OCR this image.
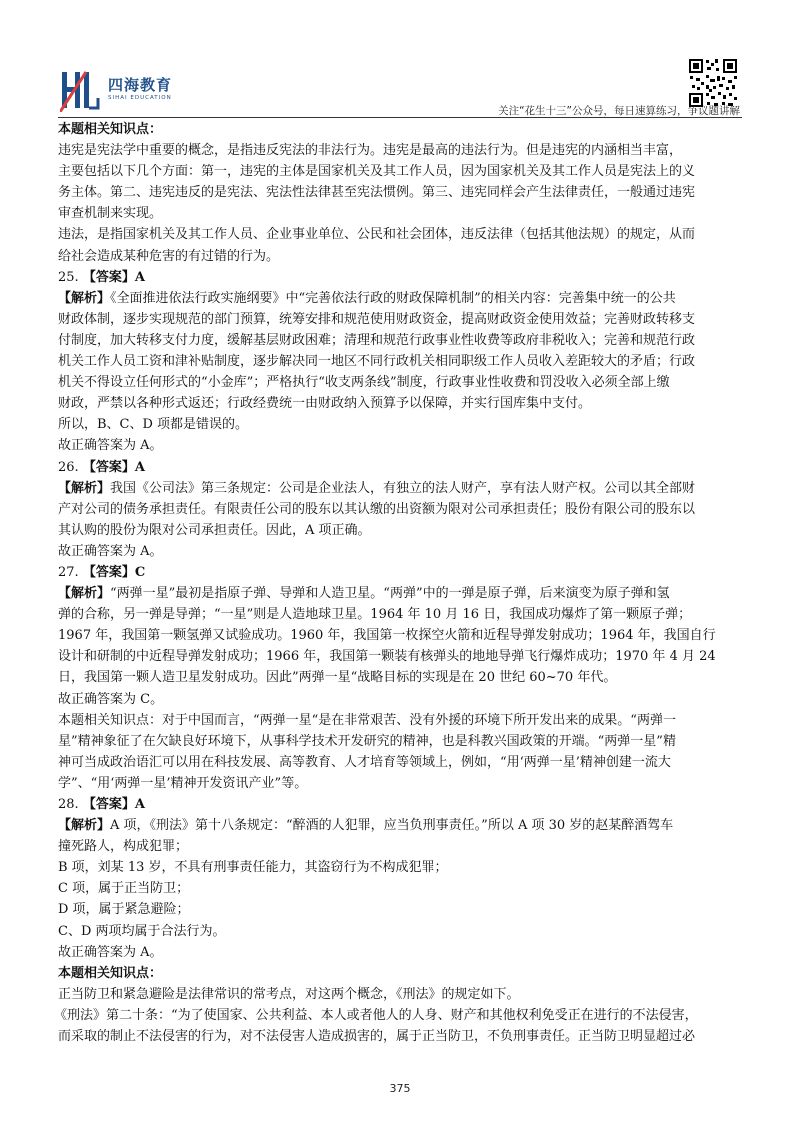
四海教育
SIHAI EDUCATION
关注“花生十三”公众号，每日速算练习，争议题讲解

本题相关知识点：

违宪是宪法学中重要的概念，是指违反宪法的非法行为。违宪是最高的违法行为。但是违宪的内涵相当丰富，

主要包括以下几个方面：第一，违宪的主体是国家机关及其工作人员，因为国家机关及其工作人员是宪法上的义

务主体。第二、违宪违反的是宪法、宪法性法律甚至宪法惯例。第三、违宪同样会产生法律责任，一般通过违宪

审查机制来实现。

违法，是指国家机关及其工作人员、企业事业单位、公民和社会团体，违反法律（包括其他法规）的规定，从而

给社会造成某种危害的有过错的行为。

25. 【答案】A

【解析】《全面推进依法行政实施纲要》中“完善依法行政的财政保障机制”的相关内容：完善集中统一的公共

财政体制，逐步实现规范的部门预算，统筹安排和规范使用财政资金，提高财政资金使用效益；完善财政转移支

付制度，加大转移支付力度，缓解基层财政困难；清理和规范行政事业性收费等政府非税收入；完善和规范行政

机关工作人员工资和津补贴制度，逐步解决同一地区不同行政机关相同职级工作人员收入差距较大的矛盾；行政

机关不得设立任何形式的“小金库”；严格执行“收支两条线”制度，行政事业性收费和罚没收入必须全部上缴

财政，严禁以各种形式返还；行政经费统一由财政纳入预算予以保障，并实行国库集中支付。

所以，B、C、D 项都是错误的。

故正确答案为 A。

26. 【答案】A

【解析】我国《公司法》第三条规定：公司是企业法人，有独立的法人财产，享有法人财产权。公司以其全部财

产对公司的债务承担责任。有限责任公司的股东以其认缴的出资额为限对公司承担责任；股份有限公司的股东以

其认购的股份为限对公司承担责任。因此，A 项正确。

故正确答案为 A。

27. 【答案】C

【解析】“两弹一星”最初是指原子弹、导弹和人造卫星。“两弹”中的一弹是原子弹，后来演变为原子弹和氢

弹的合称，另一弹是导弹；“一星”则是人造地球卫星。1964 年 10 月 16 日，我国成功爆炸了第一颗原子弹；

1967 年，我国第一颗氢弹又试验成功。1960 年，我国第一枚探空火箭和近程导弹发射成功；1964 年，我国自行

设计和研制的中近程导弹发射成功；1966 年，我国第一颗装有核弹头的地地导弹飞行爆炸成功；1970 年 4 月 24

日，我国第一颗人造卫星发射成功。因此”两弹一星“战略目标的实现是在 20 世纪 60~70 年代。

故正确答案为 C。

本题相关知识点：对于中国而言，“两弹一星“是在非常艰苦、没有外援的环境下所开发出来的成果。“两弹一

星”精神象征了在欠缺良好环境下，从事科学技术开发研究的精神，也是科教兴国政策的开端。“两弹一星”精

神可当成政治语汇可以用在科技发展、高等教育、人才培育等领域上，例如，“用‘两弹一星’精神创建一流大

学”、“用‘两弹一星’精神开发资讯产业”等。

28. 【答案】A

【解析】A 项，《刑法》第十八条规定：“醉酒的人犯罪，应当负刑事责任。”所以 A 项 30 岁的赵某醉酒驾车

撞死路人，构成犯罪；

B 项，刘某 13 岁，不具有刑事责任能力，其盗窃行为不构成犯罪；

C 项，属于正当防卫；

D 项，属于紧急避险；

C、D 两项均属于合法行为。

故正确答案为 A。

本题相关知识点：

正当防卫和紧急避险是法律常识的常考点，对这两个概念，《刑法》的规定如下。

《刑法》第二十条：“为了使国家、公共利益、本人或者他人的人身、财产和其他权利免受正在进行的不法侵害，

而采取的制止不法侵害的行为，对不法侵害人造成损害的，属于正当防卫，不负刑事责任。正当防卫明显超过必

375
